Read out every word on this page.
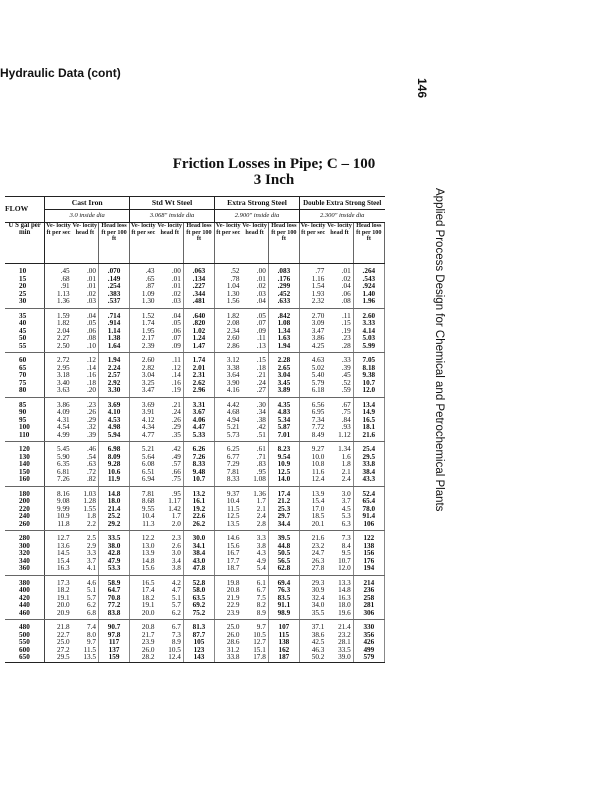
Hydraulic Data (cont)
146
Applied Process Design for Chemical and Petrochemical Plants
Friction Losses in Pipe; C – 100
3 Inch

FLOW	Cast Iron			Std Wt Steel			Extra Strong Steel			Double Extra Strong Steel		
	3.0 inside dia			3.068" inside dia			2.900" inside dia			2.300" inside dia		
U S gal per min	Ve- locity ft per sec	Ve- locity head ft	Head loss ft per 100 ft	Ve- locity ft per sec	Ve- locity head ft	Head loss ft per 100 ft	Ve- locity ft per sec	Ve- locity head ft	Head loss ft per 100 ft	Ve- locity ft per sec	Ve- locity head ft	Head loss ft per 100 ft
10	.45	.00	.070	.43	.00	.063	.52	.00	.083	.77	.01	.264
15	.68	.01	.149	.65	.01	.134	.78	.01	.176	1.16	.02	.543
20	.91	.01	.254	.87	.01	.227	1.04	.02	.299	1.54	.04	.924
25	1.13	.02	.383	1.09	.02	.344	1.30	.03	.452	1.93	.06	1.40
30	1.36	.03	.537	1.30	.03	.481	1.56	.04	.633	2.32	.08	1.96
35	1.59	.04	.714	1.52	.04	.640	1.82	.05	.842	2.70	.11	2.60
40	1.82	.05	.914	1.74	.05	.820	2.08	.07	1.08	3.09	.15	3.33
45	2.04	.06	1.14	1.95	.06	1.02	2.34	.09	1.34	3.47	.19	4.14
50	2.27	.08	1.38	2.17	.07	1.24	2.60	.11	1.63	3.86	.23	5.03
55	2.50	.10	1.64	2.39	.09	1.47	2.86	.13	1.94	4.25	.28	5.99
60	2.72	.12	1.94	2.60	.11	1.74	3.12	.15	2.28	4.63	.33	7.05
65	2.95	.14	2.24	2.82	.12	2.01	3.38	.18	2.65	5.02	.39	8.18
70	3.18	.16	2.57	3.04	.14	2.31	3.64	.21	3.04	5.40	.45	9.38
75	3.40	.18	2.92	3.25	.16	2.62	3.90	.24	3.45	5.79	.52	10.7
80	3.63	.20	3.30	3.47	.19	2.96	4.16	.27	3.89	6.18	.59	12.0
85	3.86	.23	3.69	3.69	.21	3.31	4.42	.30	4.35	6.56	.67	13.4
90	4.09	.26	4.10	3.91	.24	3.67	4.68	.34	4.83	6.95	.75	14.9
95	4.31	.29	4.53	4.12	.26	4.06	4.94	.38	5.34	7.34	.84	16.5
100	4.54	.32	4.98	4.34	.29	4.47	5.21	.42	5.87	7.72	.93	18.1
110	4.99	.39	5.94	4.77	.35	5.33	5.73	.51	7.01	8.49	1.12	21.6
120	5.45	.46	6.98	5.21	.42	6.26	6.25	.61	8.23	9.27	1.34	25.4
130	5.90	.54	8.09	5.64	.49	7.26	6.77	.71	9.54	10.0	1.6	29.5
140	6.35	.63	9.28	6.08	.57	8.33	7.29	.83	10.9	10.8	1.8	33.8
150	6.81	.72	10.6	6.51	.66	9.48	7.81	.95	12.5	11.6	2.1	38.4
160	7.26	.82	11.9	6.94	.75	10.7	8.33	1.08	14.0	12.4	2.4	43.3
180	8.16	1.03	14.8	7.81	.95	13.2	9.37	1.36	17.4	13.9	3.0	52.4
200	9.08	1.28	18.0	8.68	1.17	16.1	10.4	1.7	21.2	15.4	3.7	65.4
220	9.99	1.55	21.4	9.55	1.42	19.2	11.5	2.1	25.3	17.0	4.5	78.0
240	10.9	1.8	25.2	10.4	1.7	22.6	12.5	2.4	29.7	18.5	5.3	91.4
260	11.8	2.2	29.2	11.3	2.0	26.2	13.5	2.8	34.4	20.1	6.3	106
280	12.7	2.5	33.5	12.2	2.3	30.0	14.6	3.3	39.5	21.6	7.3	122
300	13.6	2.9	38.0	13.0	2.6	34.1	15.6	3.8	44.8	23.2	8.4	138
320	14.5	3.3	42.8	13.9	3.0	38.4	16.7	4.3	50.5	24.7	9.5	156
340	15.4	3.7	47.9	14.8	3.4	43.0	17.7	4.9	56.5	26.3	10.7	176
360	16.3	4.1	53.3	15.6	3.8	47.8	18.7	5.4	62.8	27.8	12.0	194
380	17.3	4.6	58.9	16.5	4.2	52.8	19.8	6.1	69.4	29.3	13.3	214
400	18.2	5.1	64.7	17.4	4.7	58.0	20.8	6.7	76.3	30.9	14.8	236
420	19.1	5.7	70.8	18.2	5.1	63.5	21.9	7.5	83.5	32.4	16.3	258
440	20.0	6.2	77.2	19.1	5.7	69.2	22.9	8.2	91.1	34.0	18.0	281
460	20.9	6.8	83.8	20.0	6.2	75.2	23.9	8.9	98.9	35.5	19.6	306
480	21.8	7.4	90.7	20.8	6.7	81.3	25.0	9.7	107	37.1	21.4	330
500	22.7	8.0	97.8	21.7	7.3	87.7	26.0	10.5	115	38.6	23.2	356
550	25.0	9.7	117	23.9	8.9	105	28.6	12.7	138	42.5	28.1	426
600	27.2	11.5	137	26.0	10.5	123	31.2	15.1	162	46.3	33.5	499
650	29.5	13.5	159	28.2	12.4	143	33.8	17.8	187	50.2	39.0	579
